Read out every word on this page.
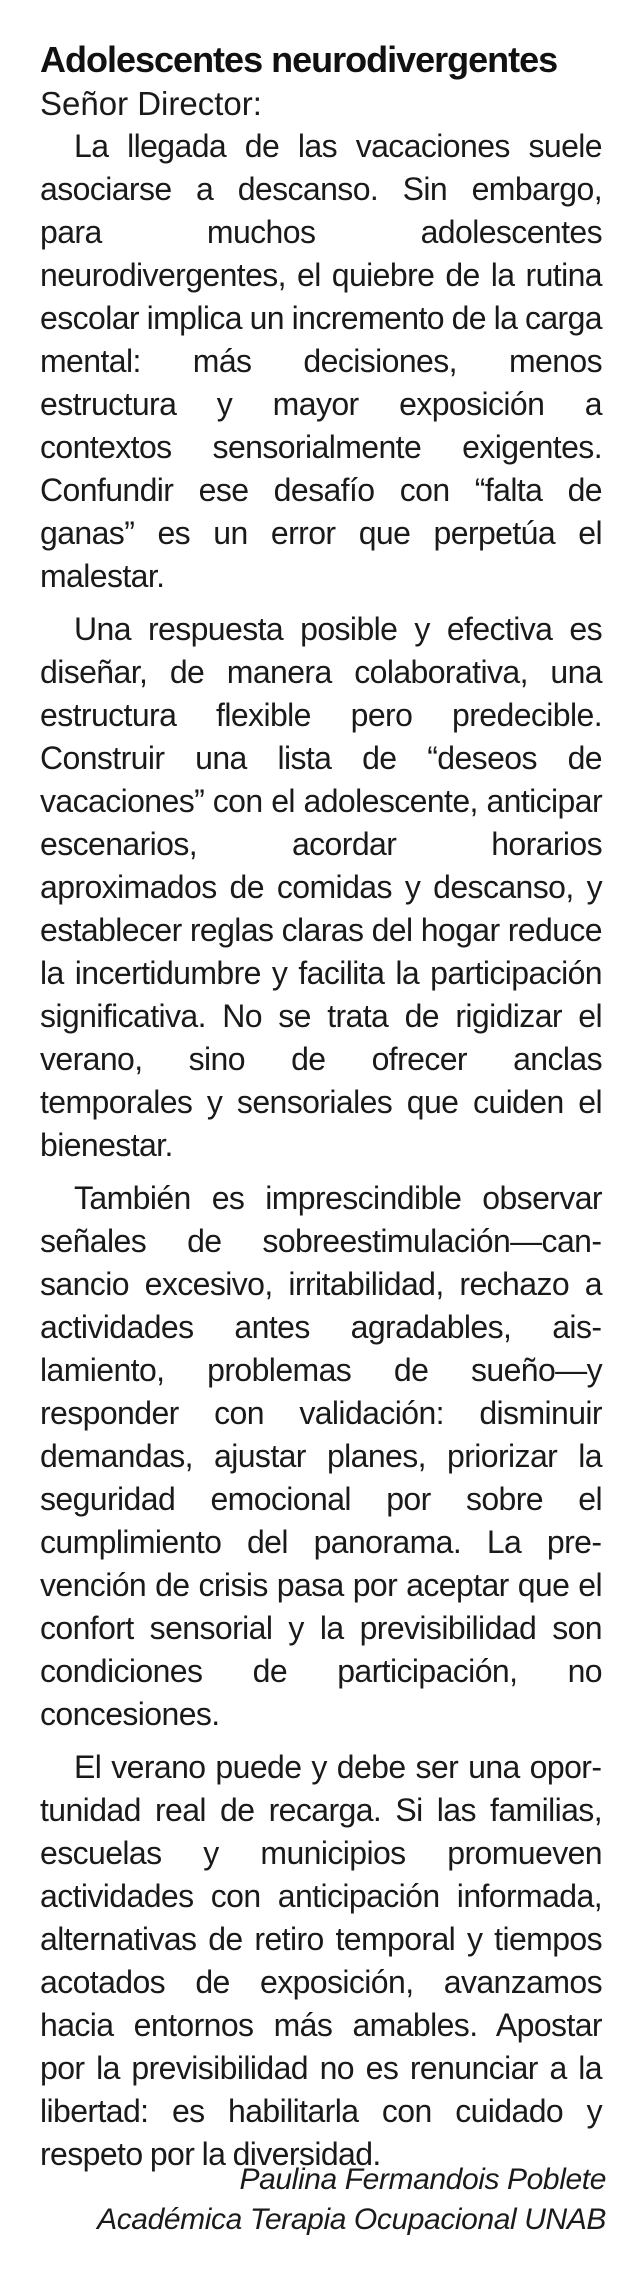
Adolescentes neurodivergentes

Señor Director:

La llegada de las vacaciones suele asociarse a descanso. Sin embargo, para muchos adolescentes neurodivergentes, el quiebre de la rutina escolar implica un incremento de la carga mental: más decisiones, menos estructura y mayor exposición a contextos sensorialmente exigentes. Confundir ese desafío con “falta de ganas” es un error que perpetúa el malestar.

Una respuesta posible y efectiva es diseñar, de manera colaborativa, una estructura flexible pero predecible. Construir una lista de “deseos de vacaciones” con el adolescente, anticipar escenarios, acordar horarios aproximados de comidas y descanso, y establecer reglas claras del hogar reduce la incertidumbre y facilita la participación significativa. No se trata de rigidizar el verano, sino de ofrecer anclas temporales y sensoriales que cuiden el bienestar.

También es imprescindible observar señales de sobreestimulación—cansancio excesivo, irritabilidad, rechazo a actividades antes agradables, aislamiento, problemas de sueño—y responder con validación: disminuir demandas, ajustar planes, priorizar la seguridad emocional por sobre el cumplimiento del panorama. La prevención de crisis pasa por aceptar que el confort sensorial y la previsibilidad son condiciones de participación, no concesiones.

El verano puede y debe ser una oportunidad real de recarga. Si las familias, escuelas y municipios promueven actividades con anticipación informada, alternativas de retiro temporal y tiempos acotados de exposición, avanzamos hacia entornos más amables. Apostar por la previsibilidad no es renunciar a la libertad: es habilitarla con cuidado y respeto por la diversidad.

Paulina Fermandois Poblete
Académica Terapia Ocupacional UNAB
